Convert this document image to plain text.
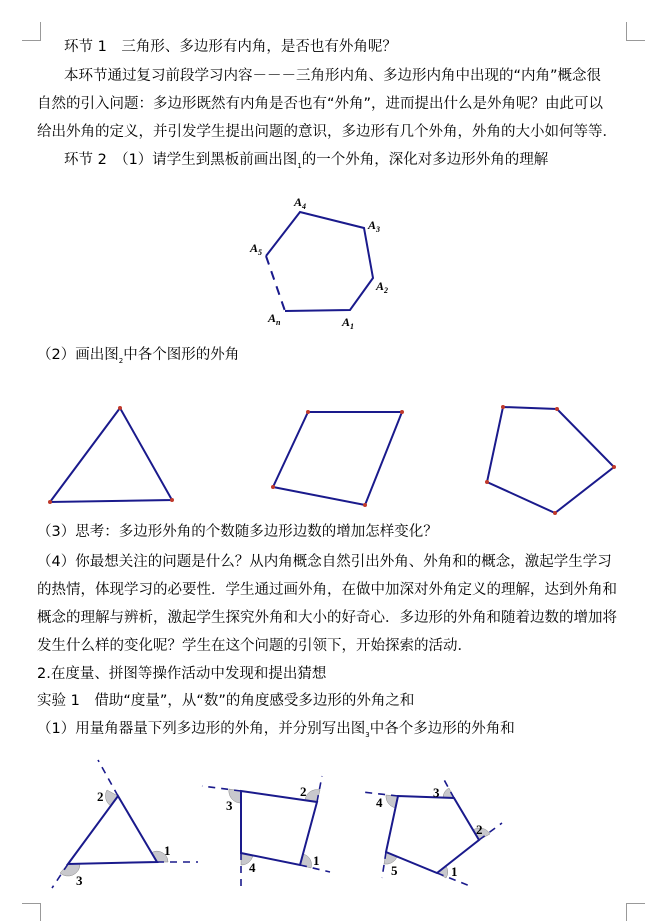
环节 1　三角形、多边形有内角，是否也有外角呢？
本环节通过复习前段学习内容－－－三角形内角、多边形内角中出现的“内角”概念很
自然的引入问题：多边形既然有内角是否也有“外角”，进而提出什么是外角呢？由此可以
给出外角的定义，并引发学生提出问题的意识，多边形有几个外角，外角的大小如何等等．
环节 2　（1）请学生到黑板前画出图$_1$的一个外角，深化对多边形外角的理解
（2）画出图$_2$中各个图形的外角
（3）思考：多边形外角的个数随多边形边数的增加怎样变化？
（4）你最想关注的问题是什么？从内角概念自然引出外角、外角和的概念，激起学生学习
的热情，体现学习的必要性．学生通过画外角，在做中加深对外角定义的理解，达到外角和
概念的理解与辨析，激起学生探究外角和大小的好奇心．多边形的外角和随着边数的增加将
发生什么样的变化呢？学生在这个问题的引领下，开始探索的活动．
2.在度量、拼图等操作活动中发现和提出猜想
实验 1　借助“度量”，从“数”的角度感受多边形的外角之和
（1）用量角器量下列多边形的外角，并分别写出图$_3$中各个多边形的外角和
$A_4$
$A_3$
$A_5$
$A_2$
$A_n$	$A_1$
1
2
3
1
2
3
4	1
2
3
4
5
